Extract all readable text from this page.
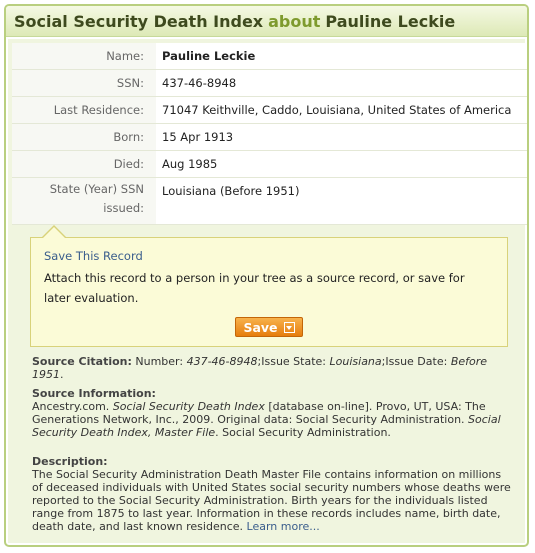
Social Security Death Index about Pauline Leckie
Name:	Pauline Leckie
SSN:	437-46-8948
Last Residence:	71047 Keithville, Caddo, Louisiana, United States of America
Born:	15 Apr 1913
Died:	Aug 1985
State (Year) SSN issued:	Louisiana (Before 1951)
Save This Record
Attach this record to a person in your tree as a source record, or save for later evaluation.
Save
Source Citation: Number: 437-46-8948;Issue State: Louisiana;Issue Date: Before 1951.
Source Information:
Ancestry.com. Social Security Death Index [database on-line]. Provo, UT, USA: The Generations Network, Inc., 2009. Original data: Social Security Administration. Social Security Death Index, Master File. Social Security Administration.
Description:
The Social Security Administration Death Master File contains information on millions of deceased individuals with United States social security numbers whose deaths were reported to the Social Security Administration. Birth years for the individuals listed range from 1875 to last year. Information in these records includes name, birth date, death date, and last known residence. Learn more...
